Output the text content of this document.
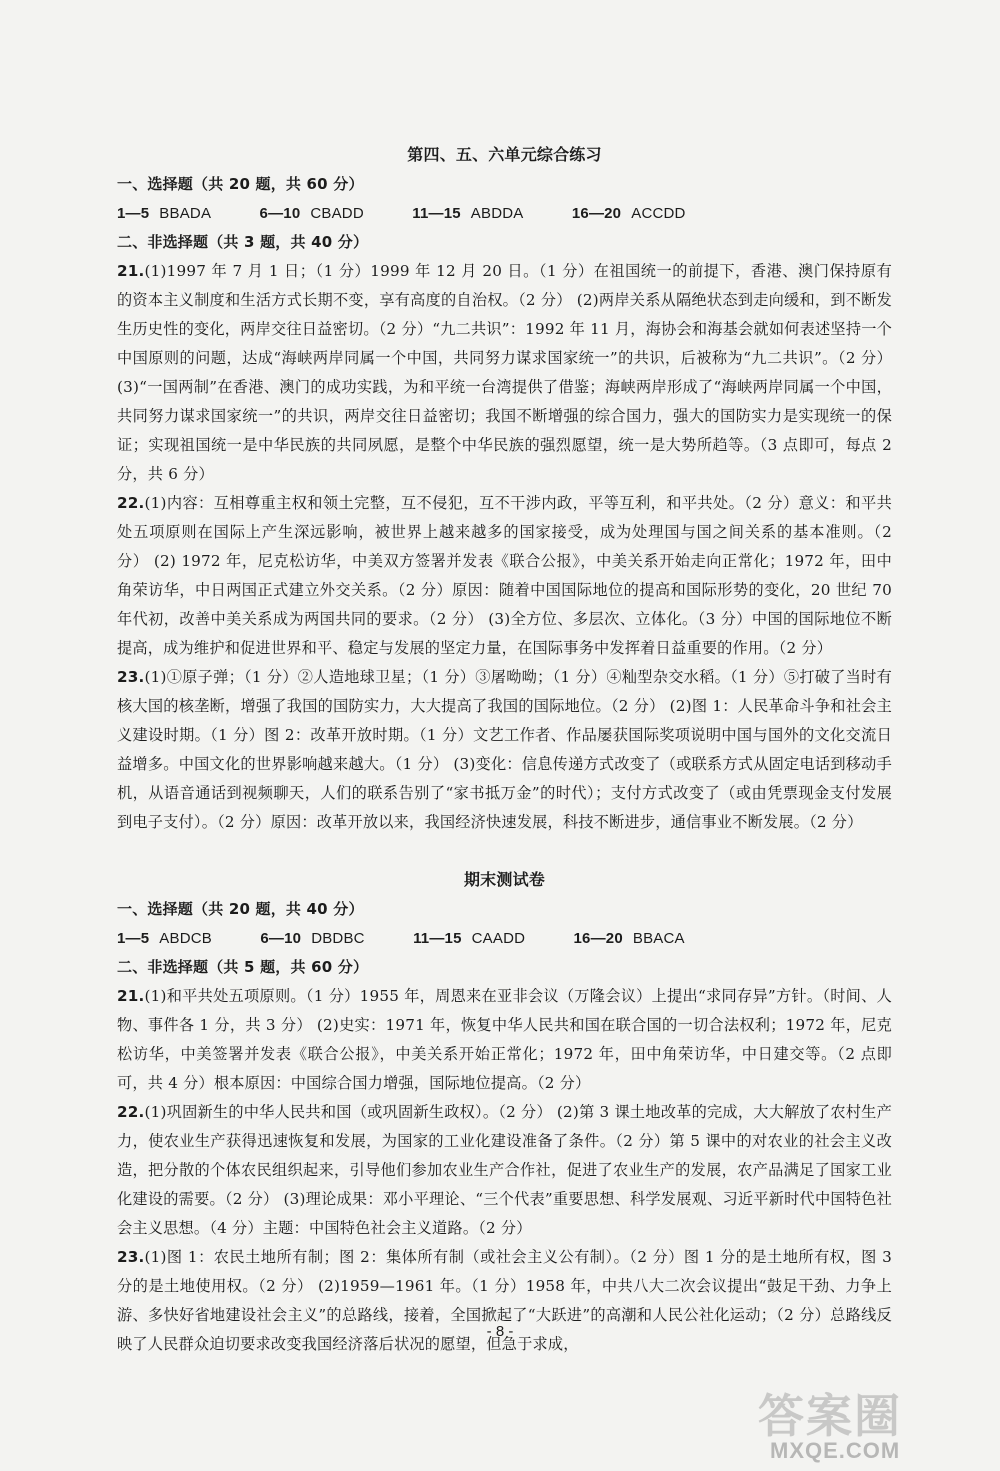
第四、五、六单元综合练习

一、选择题（共 20 题，共 60 分）

1—5 BBADA	6—10 CBADD	11—15 ABDDA	16—20 ACCDD

二、非选择题（共 3 题，共 40 分）

21.(1)1997 年 7 月 1 日；（1 分）1999 年 12 月 20 日。（1 分）在祖国统一的前提下，香港、澳门保持原有的资本主义制度和生活方式长期不变，享有高度的自治权。（2 分） (2)两岸关系从隔绝状态到走向缓和，到不断发生历史性的变化，两岸交往日益密切。（2 分）“九二共识”：1992 年 11 月，海协会和海基会就如何表述坚持一个中国原则的问题，达成“海峡两岸同属一个中国，共同努力谋求国家统一”的共识，后被称为“九二共识”。（2 分） (3)“一国两制”在香港、澳门的成功实践，为和平统一台湾提供了借鉴；海峡两岸形成了“海峡两岸同属一个中国，共同努力谋求国家统一”的共识，两岸交往日益密切；我国不断增强的综合国力，强大的国防实力是实现统一的保证；实现祖国统一是中华民族的共同夙愿，是整个中华民族的强烈愿望，统一是大势所趋等。（3 点即可，每点 2 分，共 6 分）

22.(1)内容：互相尊重主权和领土完整，互不侵犯，互不干涉内政，平等互利，和平共处。（2 分）意义：和平共处五项原则在国际上产生深远影响，被世界上越来越多的国家接受，成为处理国与国之间关系的基本准则。（2 分） (2) 1972 年，尼克松访华，中美双方签署并发表《联合公报》，中美关系开始走向正常化；1972 年，田中角荣访华，中日两国正式建立外交关系。（2 分）原因：随着中国国际地位的提高和国际形势的变化，20 世纪 70 年代初，改善中美关系成为两国共同的要求。（2 分） (3)全方位、多层次、立体化。（3 分）中国的国际地位不断提高，成为维护和促进世界和平、稳定与发展的坚定力量，在国际事务中发挥着日益重要的作用。（2 分）

23.(1)①原子弹；（1 分）②人造地球卫星；（1 分）③屠呦呦；（1 分）④籼型杂交水稻。（1 分）⑤打破了当时有核大国的核垄断，增强了我国的国防实力，大大提高了我国的国际地位。（2 分） (2)图 1：人民革命斗争和社会主义建设时期。（1 分）图 2：改革开放时期。（1 分）文艺工作者、作品屡获国际奖项说明中国与国外的文化交流日益增多。中国文化的世界影响越来越大。（1 分） (3)变化：信息传递方式改变了（或联系方式从固定电话到移动手机，从语音通话到视频聊天，人们的联系告别了“家书抵万金”的时代）；支付方式改变了（或由凭票现金支付发展到电子支付）。（2 分）原因：改革开放以来，我国经济快速发展，科技不断进步，通信事业不断发展。（2 分）

期末测试卷

一、选择题（共 20 题，共 40 分）

1—5 ABDCB	6—10 DBDBC	11—15 CAADD	16—20 BBACA

二、非选择题（共 5 题，共 60 分）

21.(1)和平共处五项原则。（1 分）1955 年，周恩来在亚非会议（万隆会议）上提出“求同存异”方针。（时间、人物、事件各 1 分，共 3 分） (2)史实：1971 年，恢复中华人民共和国在联合国的一切合法权利；1972 年，尼克松访华，中美签署并发表《联合公报》，中美关系开始正常化；1972 年，田中角荣访华，中日建交等。（2 点即可，共 4 分）根本原因：中国综合国力增强，国际地位提高。（2 分）

22.(1)巩固新生的中华人民共和国（或巩固新生政权）。（2 分） (2)第 3 课土地改革的完成，大大解放了农村生产力，使农业生产获得迅速恢复和发展，为国家的工业化建设准备了条件。（2 分）第 5 课中的对农业的社会主义改造，把分散的个体农民组织起来，引导他们参加农业生产合作社，促进了农业生产的发展，农产品满足了国家工业化建设的需要。（2 分） (3)理论成果：邓小平理论、“三个代表”重要思想、科学发展观、习近平新时代中国特色社会主义思想。（4 分）主题：中国特色社会主义道路。（2 分）

23.(1)图 1：农民土地所有制；图 2：集体所有制（或社会主义公有制）。（2 分）图 1 分的是土地所有权，图 3 分的是土地使用权。（2 分） (2)1959—1961 年。（1 分）1958 年，中共八大二次会议提出“鼓足干劲、力争上游、多快好省地建设社会主义”的总路线，接着，全国掀起了“大跃进”的高潮和人民公社化运动；（2 分）总路线反映了人民群众迫切要求改变我国经济落后状况的愿望，但急于求成，

- 8 -
答案圈
MXQE.COM
